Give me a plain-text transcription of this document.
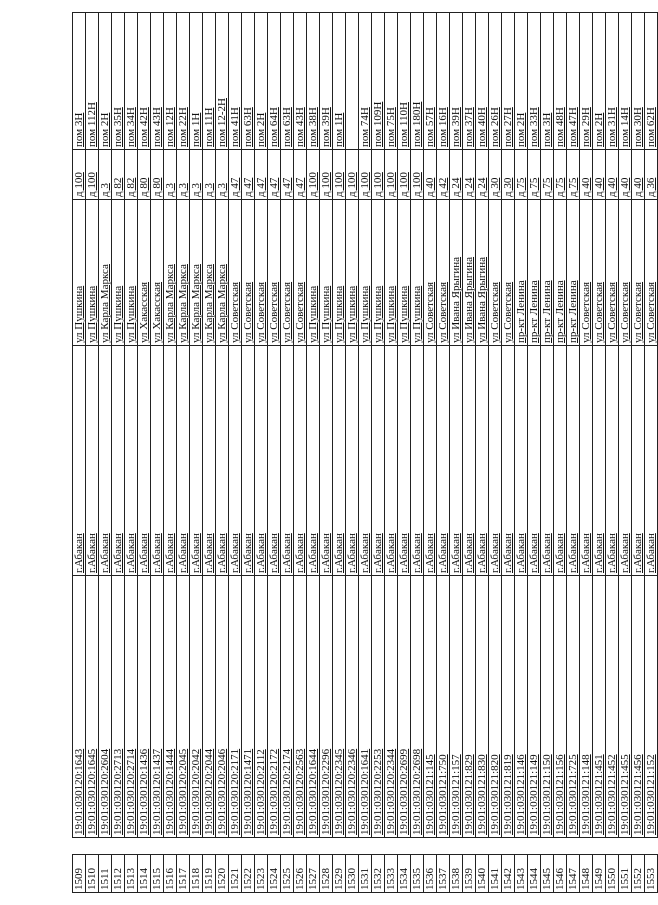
1509		19:01:030120:1643	г.Абакан	ул Пушкина	д 100	пом 3Н
1510		19:01:030120:1645	г.Абакан	ул Пушкина	д 100	пом 112Н
1511		19:01:030120:2604	г.Абакан	ул Карла Маркса	д 3	пом 2Н
1512		19:01:030120:2713	г.Абакан	ул Пушкина	д 82	пом 35Н
1513		19:01:030120:2714	г.Абакан	ул Пушкина	д 82	пом 34Н
1514		19:01:030120:1436	г.Абакан	ул Хакасская	д 80	пом 42Н
1515		19:01:030120:1437	г.Абакан	ул Хакасская	д 80	пом 43Н
1516		19:01:030120:1444	г.Абакан	ул Карла Маркса	д 3	пом 12Н
1517		19:01:030120:2045	г.Абакан	ул Карла Маркса	д 3	пом 22Н
1518		19:01:030120:2042	г.Абакан	ул Карла Маркса	д 3	пом 1Н
1519		19:01:030120:2044	г.Абакан	ул Карла Маркса	д 3	пом 11Н
1520		19:01:030120:2046	г.Абакан	ул Карла Маркса	д 3	пом 12-2Н
1521		19:01:030120:2171	г.Абакан	ул Советская	д 47	пом 41Н
1522		19:01:030120:1471	г.Абакан	ул Советская	д 47	пом 63Н
1523		19:01:030120:2112	г.Абакан	ул Советская	д 47	пом 2Н
1524		19:01:030120:2172	г.Абакан	ул Советская	д 47	пом 64Н
1525		19:01:030120:2174	г.Абакан	ул Советская	д 47	пом 63Н
1526		19:01:030120:2563	г.Абакан	ул Советская	д 47	пом 43Н
1527		19:01:030120:1644	г.Абакан	ул Пушкина	д 100	пом 38Н
1528		19:01:030120:2296	г.Абакан	ул Пушкина	д 100	пом 39Н
1529		19:01:030120:2345	г.Абакан	ул Пушкина	д 100	пом 1Н
1530		19:01:030120:2346	г.Абакан	ул Пушкина	д 100	
1531		19:01:030120:1641	г.Абакан	ул Пушкина	д 100	пом 74Н
1532		19:01:030120:2253	г.Абакан	ул Пушкина	д 100	пом 109Н
1533		19:01:030120:2344	г.Абакан	ул Пушкина	д 100	пом 75Н
1534		19:01:030120:2699	г.Абакан	ул Пушкина	д 100	пом 110Н
1535		19:01:030120:2698	г.Абакан	ул Пушкина	д 100	пом 180Н
1536		19:01:030121:145	г.Абакан	ул Советская	д 40	пом 57Н
1537		19:01:030121:750	г.Абакан	ул Советская	д 42	пом 16Н
1538		19:01:030121:157	г.Абакан	ул Ивана Ярыгина	д 24	пом 39Н
1539		19:01:030121:829	г.Абакан	ул Ивана Ярыгина	д 24	пом 37Н
1540		19:01:030121:830	г.Абакан	ул Ивана Ярыгина	д 24	пом 40Н
1541		19:01:030121:820	г.Абакан	ул Советская	д 30	пом 26Н
1542		19:01:030121:819	г.Абакан	ул Советская	д 30	пом 27Н
1543		19:01:030121:146	г.Абакан	пр-кт Ленина	д 75	пом 2Н
1544		19:01:030121:149	г.Абакан	пр-кт Ленина	д 75	пом 33Н
1545		19:01:030121:150	г.Абакан	пр-кт Ленина	д 75	пом 3Н
1546		19:01:030121:156	г.Абакан	пр-кт Ленина	д 75	пом 48Н
1547		19:01:030121:725	г.Абакан	пр-кт Ленина	д 75	пом 47Н
1548		19:01:030121:148	г.Абакан	ул Советская	д 40	пом 29Н
1549		19:01:030121:451	г.Абакан	ул Советская	д 40	пом 2Н
1550		19:01:030121:452	г.Абакан	ул Советская	д 40	пом 31Н
1551		19:01:030121:455	г.Абакан	ул Советская	д 40	пом 14Н
1552		19:01:030121:456	г.Абакан	ул Советская	д 40	пом 30Н
1553		19:01:030121:152	г.Абакан	ул Советская	д 36	пом 62Н
